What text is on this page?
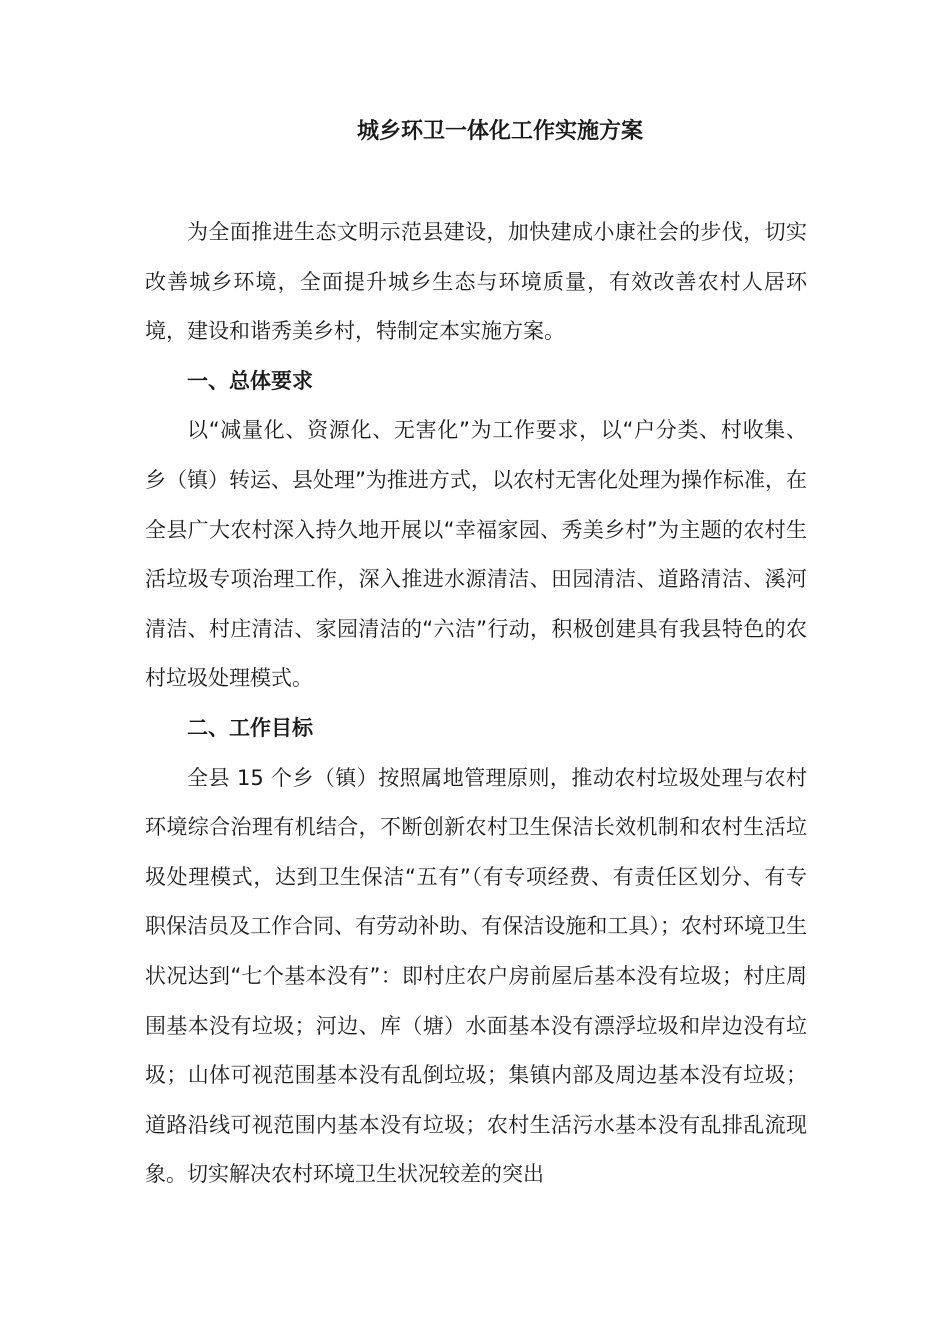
城乡环卫一体化工作实施方案

为全面推进生态文明示范县建设，加快建成小康社会的步伐，切实改善城乡环境，全面提升城乡生态与环境质量，有效改善农村人居环境，建设和谐秀美乡村，特制定本实施方案。

一、总体要求

以“减量化、资源化、无害化”为工作要求，以“户分类、村收集、乡（镇）转运、县处理”为推进方式，以农村无害化处理为操作标准，在全县广大农村深入持久地开展以“幸福家园、秀美乡村”为主题的农村生活垃圾专项治理工作，深入推进水源清洁、田园清洁、道路清洁、溪河清洁、村庄清洁、家园清洁的“六洁”行动，积极创建具有我县特色的农村垃圾处理模式。

二、工作目标

全县 15 个乡（镇）按照属地管理原则，推动农村垃圾处理与农村环境综合治理有机结合，不断创新农村卫生保洁长效机制和农村生活垃圾处理模式，达到卫生保洁“五有”（有专项经费、有责任区划分、有专职保洁员及工作合同、有劳动补助、有保洁设施和工具）；农村环境卫生状况达到“七个基本没有”：即村庄农户房前屋后基本没有垃圾；村庄周围基本没有垃圾；河边、库（塘）水面基本没有漂浮垃圾和岸边没有垃圾；山体可视范围基本没有乱倒垃圾；集镇内部及周边基本没有垃圾；道路沿线可视范围内基本没有垃圾；农村生活污水基本没有乱排乱流现象。切实解决农村环境卫生状况较差的突出
